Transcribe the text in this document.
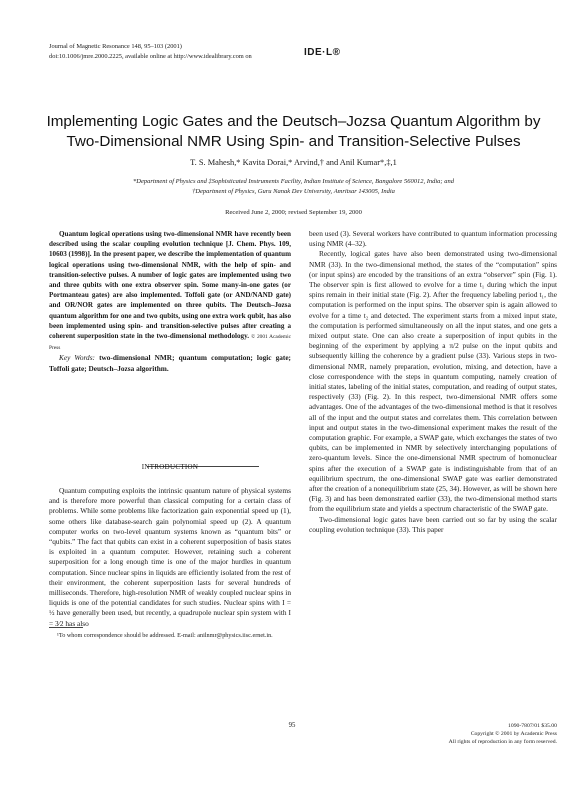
Journal of Magnetic Resonance 148, 95–103 (2001)
doi:10.1006/jmre.2000.2225, available online at http://www.idealibrary.com on	IDE·L®
Implementing Logic Gates and the Deutsch–Jozsa Quantum Algorithm by Two-Dimensional NMR Using Spin- and Transition-Selective Pulses
T. S. Mahesh,* Kavita Dorai,* Arvind,† and Anil Kumar*,‡,1
*Department of Physics and ‡Sophisticated Instruments Facility, Indian Institute of Science, Bangalore 560012, India; and
†Department of Physics, Guru Nanak Dev University, Amritsar 143005, India
Received June 2, 2000; revised September 19, 2000

Quantum logical operations using two-dimensional NMR have recently been described using the scalar coupling evolution technique [J. Chem. Phys. 109, 10603 (1998)]. In the present paper, we describe the implementation of quantum logical operations using two-dimensional NMR, with the help of spin- and transition-selective pulses. A number of logic gates are implemented using two and three qubits with one extra observer spin. Some many-in-one gates (or Portmanteau gates) are also implemented. Toffoli gate (or AND/NAND gate) and OR/NOR gates are implemented on three qubits. The Deutsch–Jozsa quantum algorithm for one and two qubits, using one extra work qubit, has also been implemented using spin- and transition-selective pulses after creating a coherent superposition state in the two-dimensional methodology. © 2001 Academic Press

Key Words: two-dimensional NMR; quantum computation; logic gate; Toffoli gate; Deutsch–Jozsa algorithm.

INTRODUCTION
Quantum computing exploits the intrinsic quantum nature of physical systems and is therefore more powerful than classical computing for a certain class of problems. While some problems like factorization gain exponential speed up (1), some others like database-search gain polynomial speed up (2). A quantum computer works on two-level quantum systems known as “quantum bits” or “qubits.” The fact that qubits can exist in a coherent superposition of basis states is exploited in a quantum computer. However, retaining such a coherent superposition for a long enough time is one of the major hurdles in quantum computation. Since nuclear spins in liquids are efficiently isolated from the rest of their environment, the coherent superposition lasts for several hundreds of milliseconds. Therefore, high-resolution NMR of weakly coupled nuclear spins in liquids is one of the potential candidates for such studies. Nuclear spins with I = ½ have generally been used, but recently, a quadrupole nuclear spin system with I = 3⁄2 has also
¹To whom correspondence should be addressed. E-mail: anilnmr@physics.iisc.ernet.in.

been used (3). Several workers have contributed to quantum information processing using NMR (4–32).

Recently, logical gates have also been demonstrated using two-dimensional NMR (33). In the two-dimensional method, the states of the “computation” spins (or input spins) are encoded by the transitions of an extra “observer” spin (Fig. 1). The observer spin is first allowed to evolve for a time t₁ during which the input spins remain in their initial state (Fig. 2). After the frequency labeling period t₁, the computation is performed on the input spins. The observer spin is again allowed to evolve for a time t₂ and detected. The experiment starts from a mixed input state, the computation is performed simultaneously on all the input states, and one gets a mixed output state. One can also create a superposition of input qubits in the beginning of the experiment by applying a π/2 pulse on the input qubits and subsequently killing the coherence by a gradient pulse (33). Various steps in two-dimensional NMR, namely preparation, evolution, mixing, and detection, have a close correspondence with the steps in quantum computing, namely creation of initial states, labeling of the initial states, computation, and reading of output states, respectively (33) (Fig. 2). In this respect, two-dimensional NMR offers some advantages. One of the advantages of the two-dimensional method is that it resolves all of the input and the output states and correlates them. This correlation between input and output states in the two-dimensional experiment makes the result of the computation graphic. For example, a SWAP gate, which exchanges the states of two qubits, can be implemented in NMR by selectively interchanging populations of zero-quantum levels. Since the one-dimensional NMR spectrum of homonuclear spins after the execution of a SWAP gate is indistinguishable from that of an equilibrium spectrum, the one-dimensional SWAP gate was earlier demonstrated after the creation of a nonequilibrium state (25, 34). However, as will be shown here (Fig. 3) and has been demonstrated earlier (33), the two-dimensional method starts from the equilibrium state and yields a spectrum characteristic of the SWAP gate.

Two-dimensional logic gates have been carried out so far by using the scalar coupling evolution technique (33). This paper

95	1090-7807/01 $35.00
Copyright © 2001 by Academic Press
All rights of reproduction in any form reserved.
